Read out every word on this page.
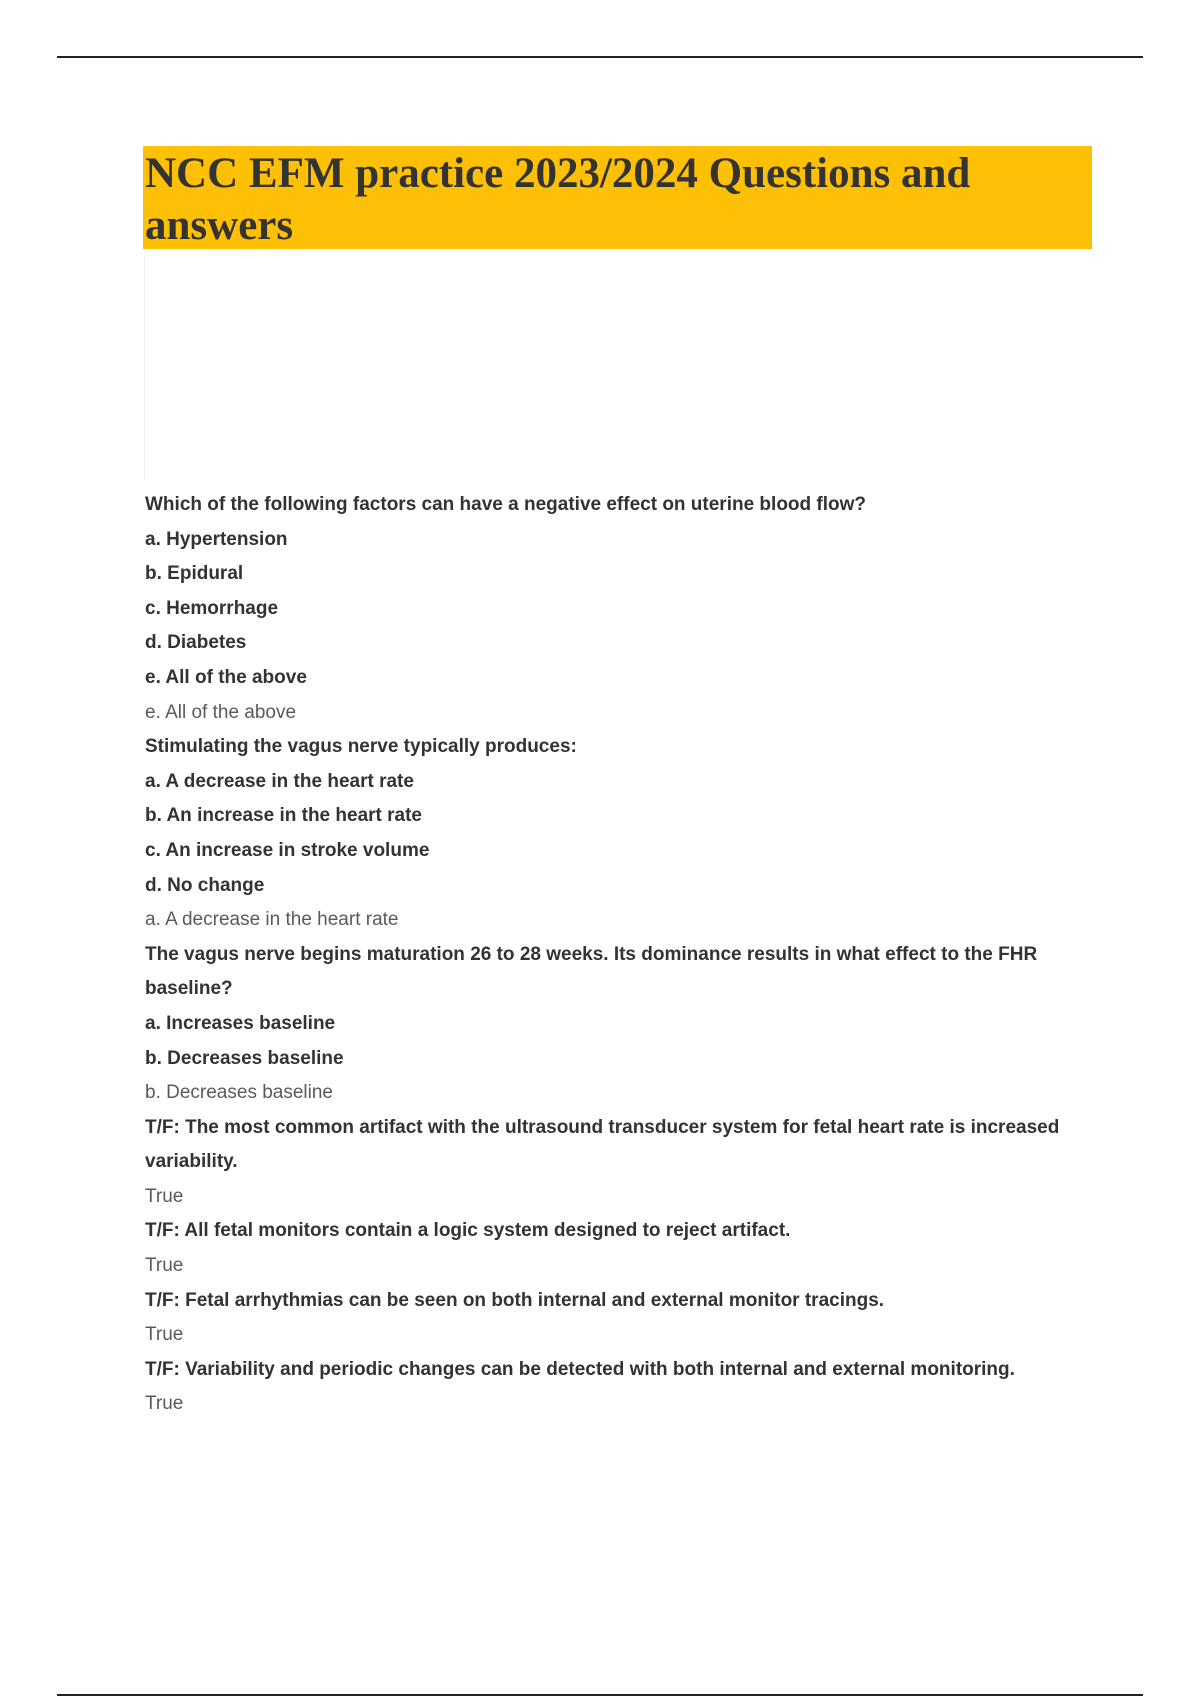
NCC EFM practice 2023/2024 Questions and answers
Which of the following factors can have a negative effect on uterine blood flow?
a. Hypertension
b. Epidural
c. Hemorrhage
d. Diabetes
e. All of the above
e. All of the above
Stimulating the vagus nerve typically produces:
a. A decrease in the heart rate
b. An increase in the heart rate
c. An increase in stroke volume
d. No change
a. A decrease in the heart rate
The vagus nerve begins maturation 26 to 28 weeks. Its dominance results in what effect to the FHR baseline?
a. Increases baseline
b. Decreases baseline
b. Decreases baseline
T/F: The most common artifact with the ultrasound transducer system for fetal heart rate is increased variability.
True
T/F: All fetal monitors contain a logic system designed to reject artifact.
True
T/F: Fetal arrhythmias can be seen on both internal and external monitor tracings.
True
T/F: Variability and periodic changes can be detected with both internal and external monitoring.
True
